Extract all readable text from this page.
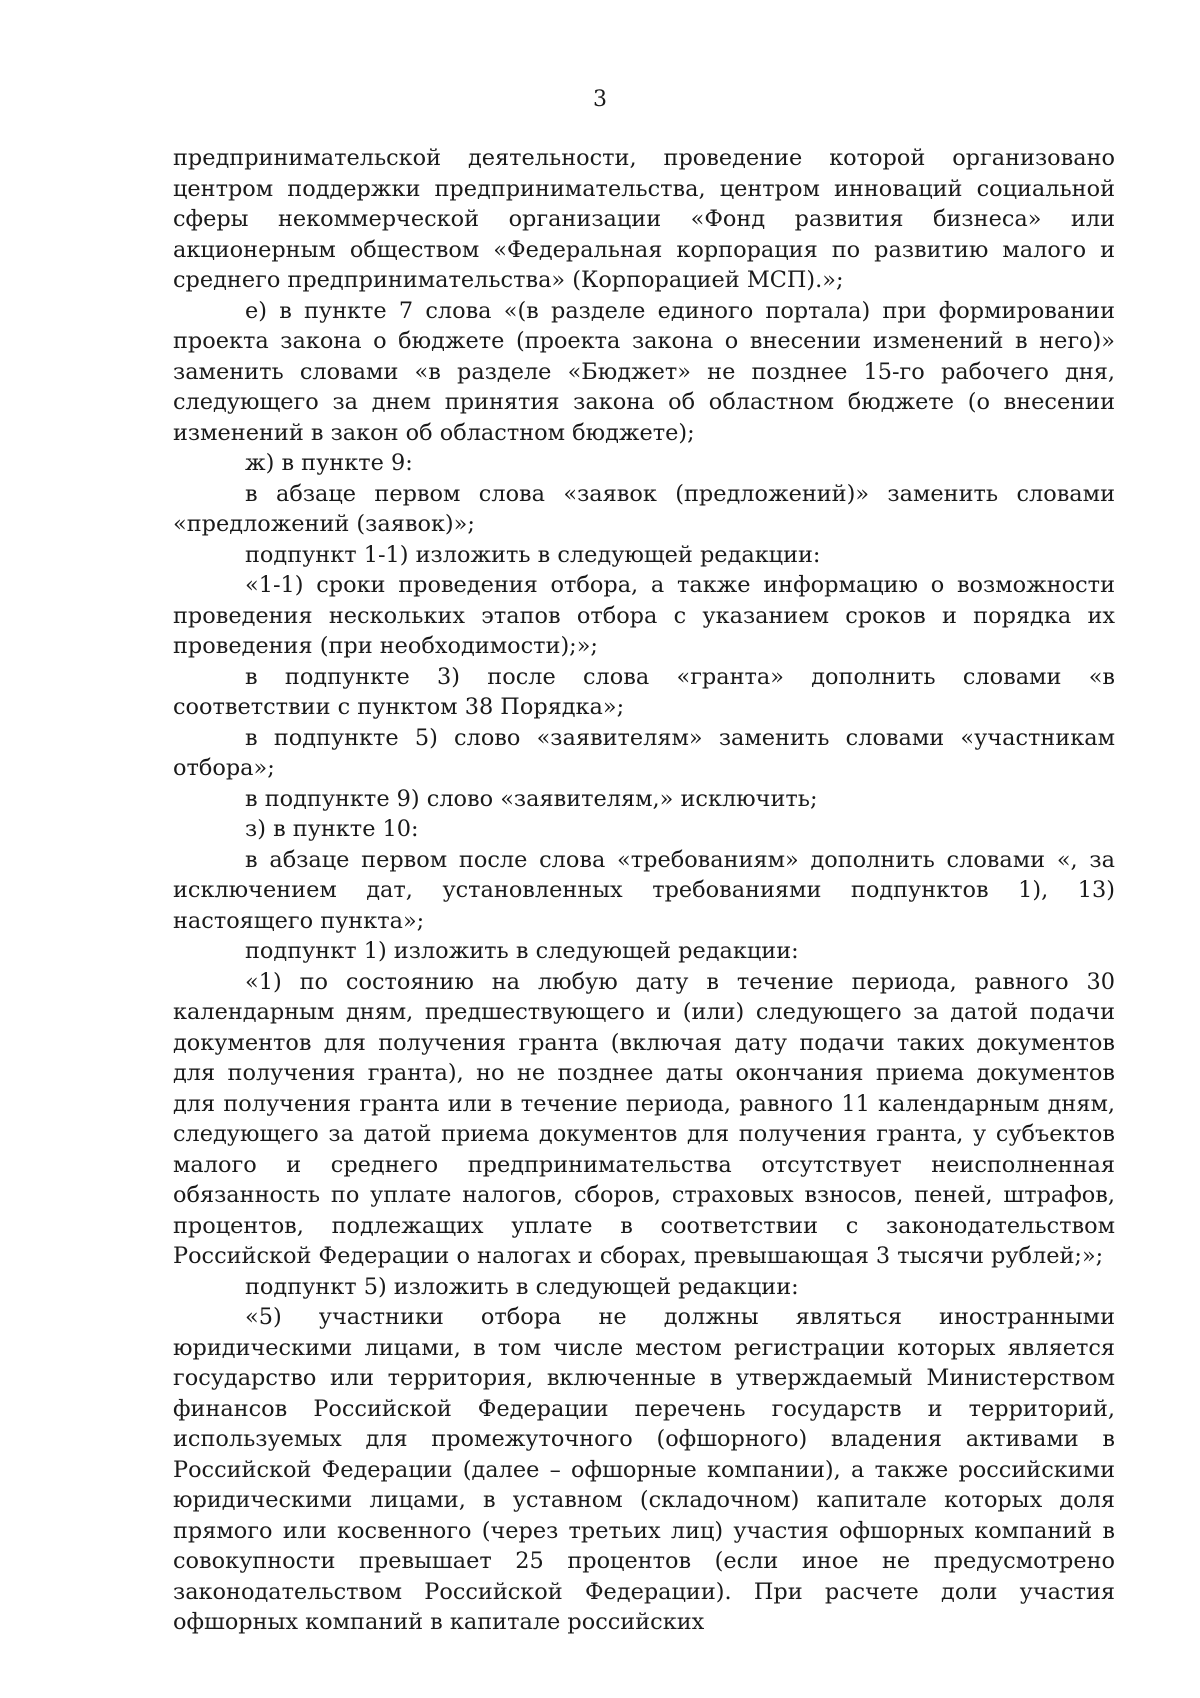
3

предпринимательской деятельности, проведение которой организовано центром поддержки предпринимательства, центром инноваций социальной сферы некоммерческой организации «Фонд развития бизнеса» или акционерным обществом «Федеральная корпорация по развитию малого и среднего предпринимательства» (Корпорацией МСП).»;

е) в пункте 7 слова «(в разделе единого портала) при формировании проекта закона о бюджете (проекта закона о внесении изменений в него)» заменить словами «в разделе «Бюджет» не позднее 15-го рабочего дня, следующего за днем принятия закона об областном бюджете (о внесении изменений в закон об областном бюджете);

ж) в пункте 9:

в абзаце первом слова «заявок (предложений)» заменить словами «предложений (заявок)»;

подпункт 1-1) изложить в следующей редакции:

«1-1) сроки проведения отбора, а также информацию о возможности проведения нескольких этапов отбора с указанием сроков и порядка их проведения (при необходимости);»;

в подпункте 3) после слова «гранта» дополнить словами «в соответствии с пунктом 38 Порядка»;

в подпункте 5) слово «заявителям» заменить словами «участникам отбора»;

в подпункте 9) слово «заявителям,» исключить;

з) в пункте 10:

в абзаце первом после слова «требованиям» дополнить словами «, за исключением дат, установленных требованиями подпунктов 1), 13) настоящего пункта»;

подпункт 1) изложить в следующей редакции:

«1) по состоянию на любую дату в течение периода, равного 30 календарным дням, предшествующего и (или) следующего за датой подачи документов для получения гранта (включая дату подачи таких документов для получения гранта), но не позднее даты окончания приема документов для получения гранта или в течение периода, равного 11 календарным дням, следующего за датой приема документов для получения гранта, у субъектов малого и среднего предпринимательства отсутствует неисполненная обязанность по уплате налогов, сборов, страховых взносов, пеней, штрафов, процентов, подлежащих уплате в соответствии с законодательством Российской Федерации о налогах и сборах, превышающая 3 тысячи рублей;»;

подпункт 5) изложить в следующей редакции:

«5) участники отбора не должны являться иностранными юридическими лицами, в том числе местом регистрации которых является государство или территория, включенные в утверждаемый Министерством финансов Российской Федерации перечень государств и территорий, используемых для промежуточного (офшорного) владения активами в Российской Федерации (далее – офшорные компании), а также российскими юридическими лицами, в уставном (складочном) капитале которых доля прямого или косвенного (через третьих лиц) участия офшорных компаний в совокупности превышает 25 процентов (если иное не предусмотрено законодательством Российской Федерации). При расчете доли участия офшорных компаний в капитале российских
